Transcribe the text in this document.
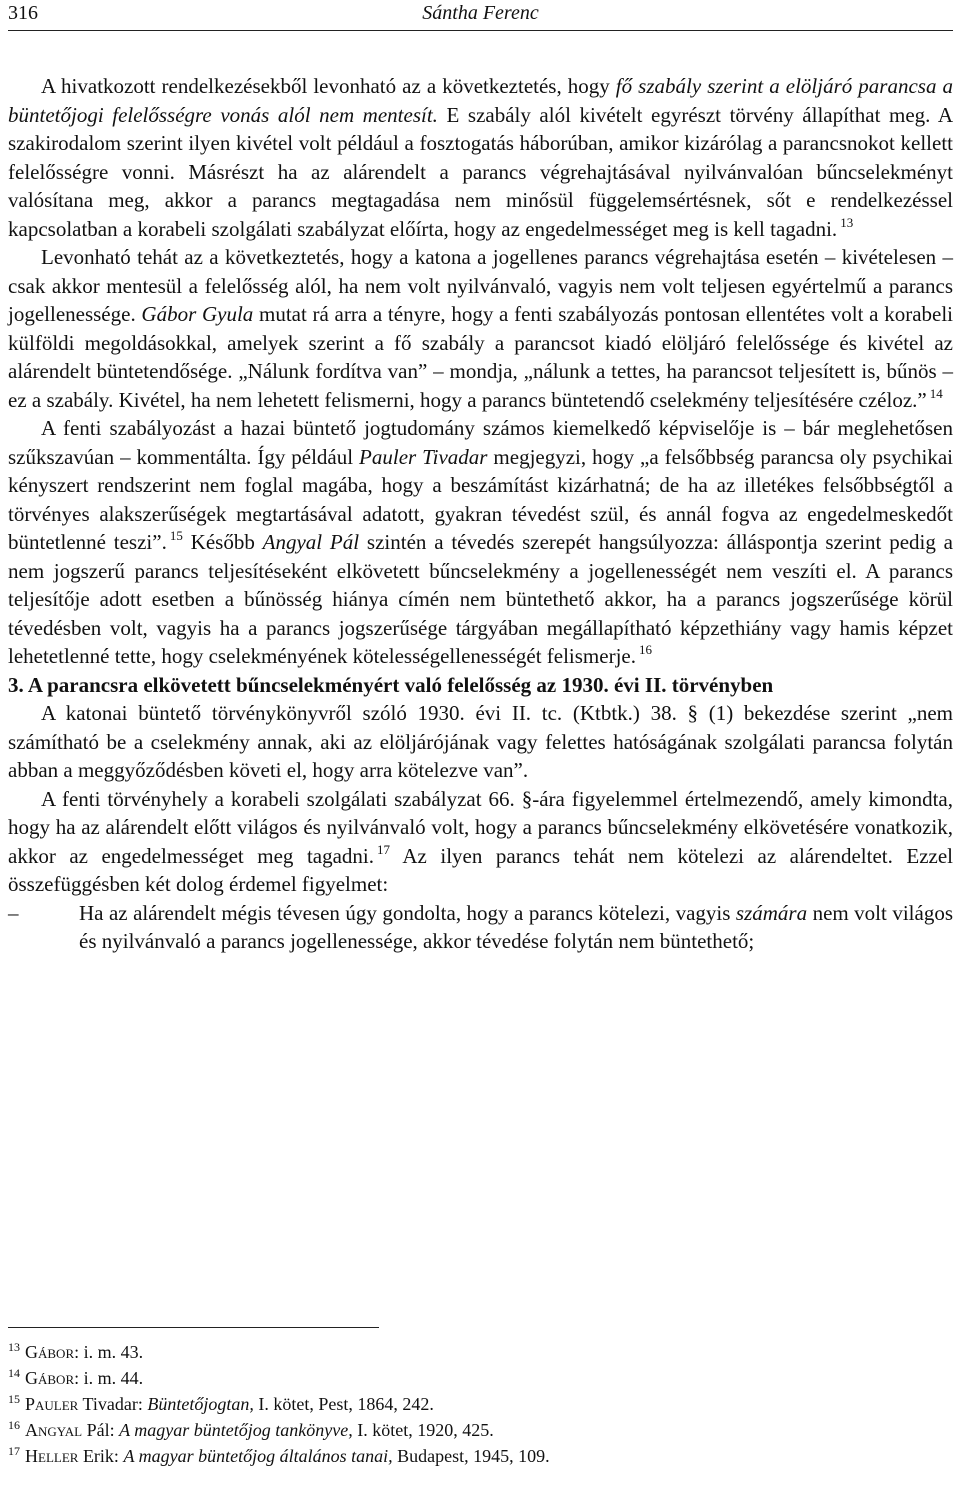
316	Sántha Ferenc

A hivatkozott rendelkezésekből levonható az a következtetés, hogy fő szabály szerint a elöljáró parancsa a büntetőjogi felelősségre vonás alól nem mentesít. E szabály alól kivételt egyrészt törvény állapíthat meg. A szakirodalom szerint ilyen kivétel volt például a fosztogatás háborúban, amikor kizárólag a parancsnokot kellett felelősségre vonni. Másrészt ha az alárendelt a parancs végrehajtásával nyilvánvalóan bűncselekményt valósítana meg, akkor a parancs megtagadása nem minősül függelemsértésnek, sőt e rendelkezéssel kapcsolatban a korabeli szolgálati szabályzat előírta, hogy az engedelmességet meg is kell tagadni. $^{13}$

Levonható tehát az a következtetés, hogy a katona a jogellenes parancs végrehajtása esetén – kivételesen – csak akkor mentesül a felelősség alól, ha nem volt nyilvánvaló, vagyis nem volt teljesen egyértelmű a parancs jogellenessége. Gábor Gyula mutat rá arra a tényre, hogy a fenti szabályozás pontosan ellentétes volt a korabeli külföldi megoldásokkal, amelyek szerint a fő szabály a parancsot kiadó elöljáró felelőssége és kivétel az alárendelt büntetendősége. „Nálunk fordítva van” – mondja, „nálunk a tettes, ha parancsot teljesített is, bűnös – ez a szabály. Kivétel, ha nem lehetett felismerni, hogy a parancs büntetendő cselekmény teljesítésére czéloz.” $^{14}$

A fenti szabályozást a hazai büntető jogtudomány számos kiemelkedő képviselője is – bár meglehetősen szűkszavúan – kommentálta. Így például Pauler Tivadar megjegyzi, hogy „a felsőbbség parancsa oly psychikai kényszert rendszerint nem foglal magába, hogy a beszámítást kizárhatná; de ha az illetékes felsőbbségtől a törvényes alakszerűségek megtartásával adatott, gyakran tévedést szül, és annál fogva az engedelmeskedőt büntetlenné teszi”. $^{15}$ Később Angyal Pál szintén a tévedés szerepét hangsúlyozza: álláspontja szerint pedig a nem jogszerű parancs teljesítéseként elkövetett bűncselekmény a jogellenességét nem veszíti el. A parancs teljesítője adott esetben a bűnösség hiánya címén nem büntethető akkor, ha a parancs jogszerűsége körül tévedésben volt, vagyis ha a parancs jogszerűsége tárgyában megállapítható képzethiány vagy hamis képzet lehetetlenné tette, hogy cselekményének kötelességellenességét felismerje. $^{16}$

3. A parancsra elkövetett bűncselekményért való felelősség az 1930. évi II. törvényben

A katonai büntető törvénykönyvről szóló 1930. évi II. tc. (Ktbtk.) 38. § (1) bekezdése szerint „nem számítható be a cselekmény annak, aki az elöljárójának vagy felettes hatóságának szolgálati parancsa folytán abban a meggyőződésben követi el, hogy arra kötelezve van”.

A fenti törvényhely a korabeli szolgálati szabályzat 66. §-ára figyelemmel értelmezendő, amely kimondta, hogy ha az alárendelt előtt világos és nyilvánvaló volt, hogy a parancs bűncselekmény elkövetésére vonatkozik, akkor az engedelmességet meg tagadni. $^{17}$ Az ilyen parancs tehát nem kötelezi az alárendeltet. Ezzel összefüggésben két dolog érdemel figyelmet:

–	Ha az alárendelt mégis tévesen úgy gondolta, hogy a parancs kötelezi, vagyis számára nem volt világos és nyilvánvaló a parancs jogellenessége, akkor tévedése folytán nem büntethető;

$^{13}$ Gábor: i. m. 43.

$^{14}$ Gábor: i. m. 44.

$^{15}$ Pauler Tivadar: Büntetőjogtan, I. kötet, Pest, 1864, 242.

$^{16}$ Angyal Pál: A magyar büntetőjog tankönyve, I. kötet, 1920, 425.

$^{17}$ Heller Erik: A magyar büntetőjog általános tanai, Budapest, 1945, 109.
